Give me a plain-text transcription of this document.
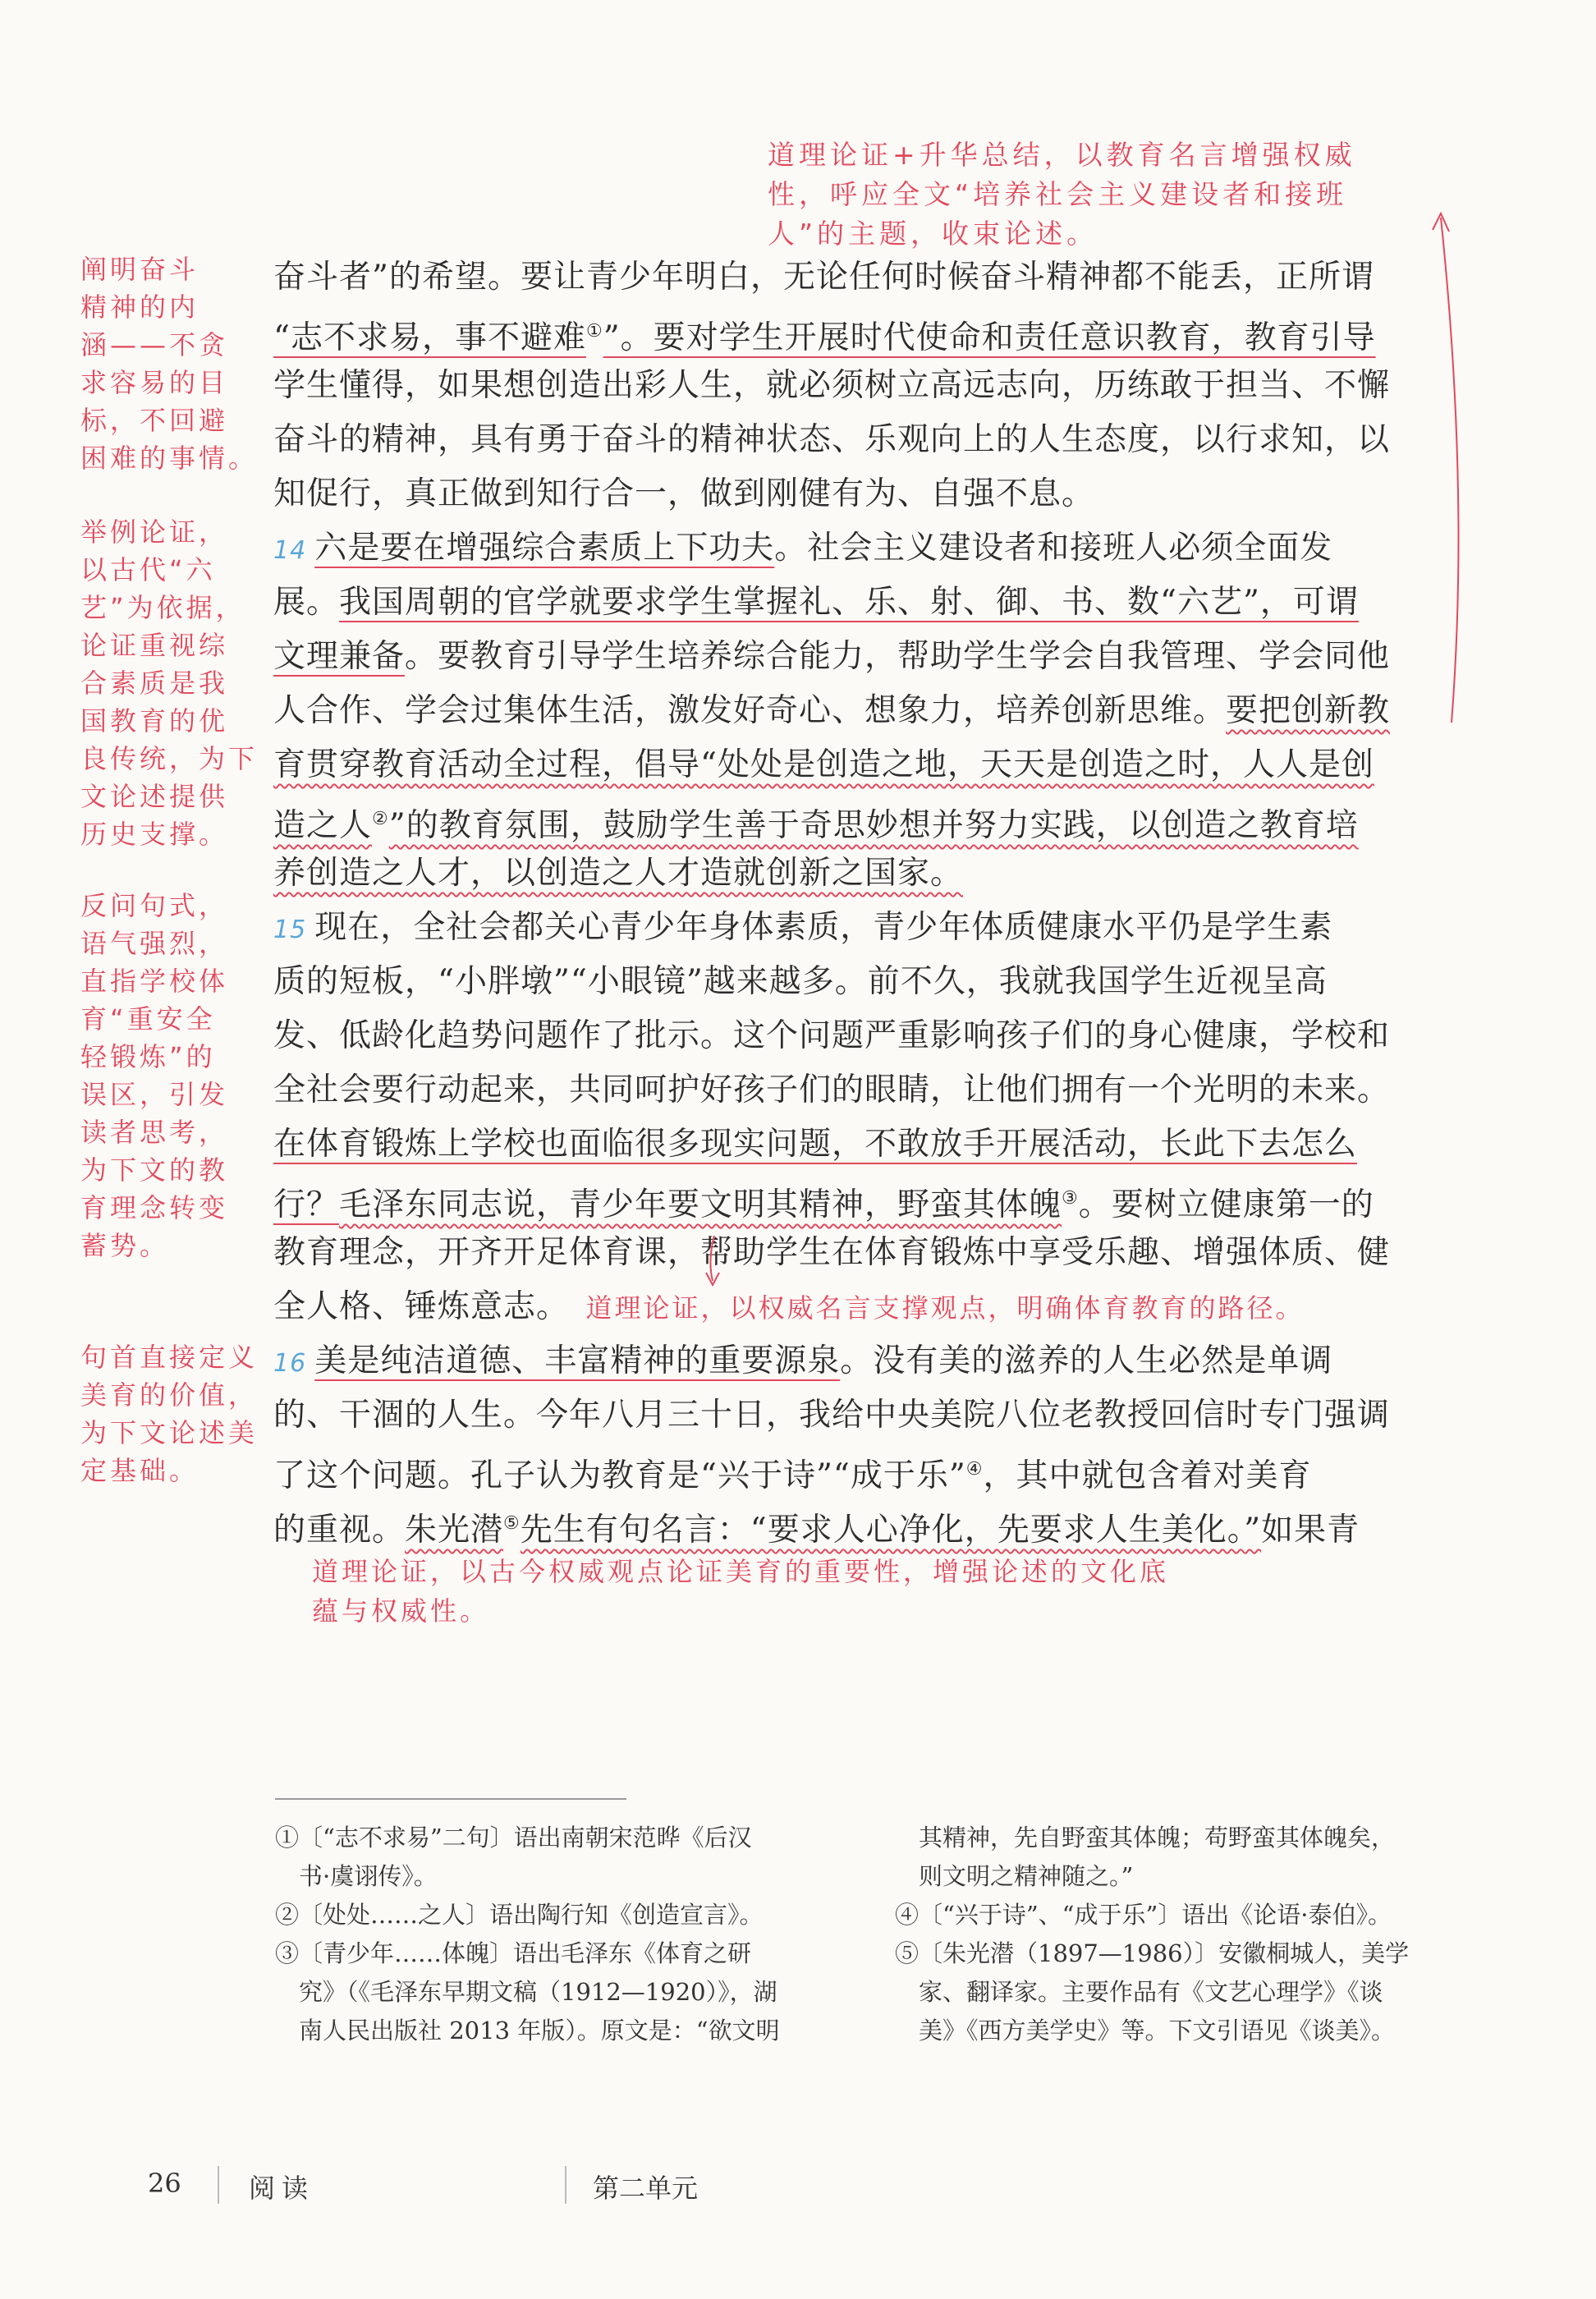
道理论证+升华总结，以教育名言增强权威
性，呼应全文“培养社会主义建设者和接班
人”的主题，收束论述。
阐明奋斗
精神的内
涵——不贪
求容易的目
标，不回避
困难的事情。
举例论证，
以古代“六
艺”为依据，
论证重视综
合素质是我
国教育的优
良传统，为下
文论述提供
历史支撑。
反问句式，
语气强烈，
直指学校体
育“重安全
轻锻炼”的
误区，引发
读者思考，
为下文的教
育理念转变
蓄势。
句首直接定义
美育的价值，
为下文论述美
定基础。
奋斗者”的希望。要让青少年明白，无论任何时候奋斗精神都不能丢，正所谓
“志不求易，事不避难①”。要对学生开展时代使命和责任意识教育，教育引导
学生懂得，如果想创造出彩人生，就必须树立高远志向，历练敢于担当、不懈
奋斗的精神，具有勇于奋斗的精神状态、乐观向上的人生态度，以行求知，以
知促行，真正做到知行合一，做到刚健有为、自强不息。
14 六是要在增强综合素质上下功夫。社会主义建设者和接班人必须全面发
展。我国周朝的官学就要求学生掌握礼、乐、射、御、书、数“六艺”，可谓
文理兼备。要教育引导学生培养综合能力，帮助学生学会自我管理、学会同他
人合作、学会过集体生活，激发好奇心、想象力，培养创新思维。要把创新教
育贯穿教育活动全过程，倡导“处处是创造之地，天天是创造之时，人人是创
造之人②”的教育氛围，鼓励学生善于奇思妙想并努力实践，以创造之教育培
养创造之人才，以创造之人才造就创新之国家。
15 现在，全社会都关心青少年身体素质，青少年体质健康水平仍是学生素
质的短板，“小胖墩”“小眼镜”越来越多。前不久，我就我国学生近视呈高
发、低龄化趋势问题作了批示。这个问题严重影响孩子们的身心健康，学校和
全社会要行动起来，共同呵护好孩子们的眼睛，让他们拥有一个光明的未来。
在体育锻炼上学校也面临很多现实问题，不敢放手开展活动，长此下去怎么
行？毛泽东同志说，青少年要文明其精神，野蛮其体魄③。要树立健康第一的
教育理念，开齐开足体育课，帮助学生在体育锻炼中享受乐趣、增强体质、健
全人格、锤炼意志。　 道理论证，以权威名言支撑观点，明确体育教育的路径。
16 美是纯洁道德、丰富精神的重要源泉。没有美的滋养的人生必然是单调
的、干涸的人生。今年八月三十日，我给中央美院八位老教授回信时专门强调
了这个问题。孔子认为教育是“兴于诗”“成于乐”④，其中就包含着对美育
的重视。朱光潜⑤先生有句名言：“要求人心净化，先要求人生美化。”如果青
道理论证，以古今权威观点论证美育的重要性，增强论述的文化底
蕴与权威性。
①〔“志不求易”二句〕语出南朝宋范晔《后汉
　书·虞诩传》。
②〔处处……之人〕语出陶行知《创造宣言》。
③〔青少年……体魄〕语出毛泽东《体育之研
　究》（《毛泽东早期文稿（1912—1920）》，湖
　南人民出版社 2013 年版）。原文是：“欲文明
　其精神，先自野蛮其体魄；苟野蛮其体魄矣，
　则文明之精神随之。”
④〔“兴于诗”、“成于乐”〕语出《论语·泰伯》。
⑤〔朱光潜（1897—1986）〕安徽桐城人，美学
　家、翻译家。主要作品有《文艺心理学》《谈
　美》《西方美学史》等。下文引语见《谈美》。
26	阅读	第二单元
